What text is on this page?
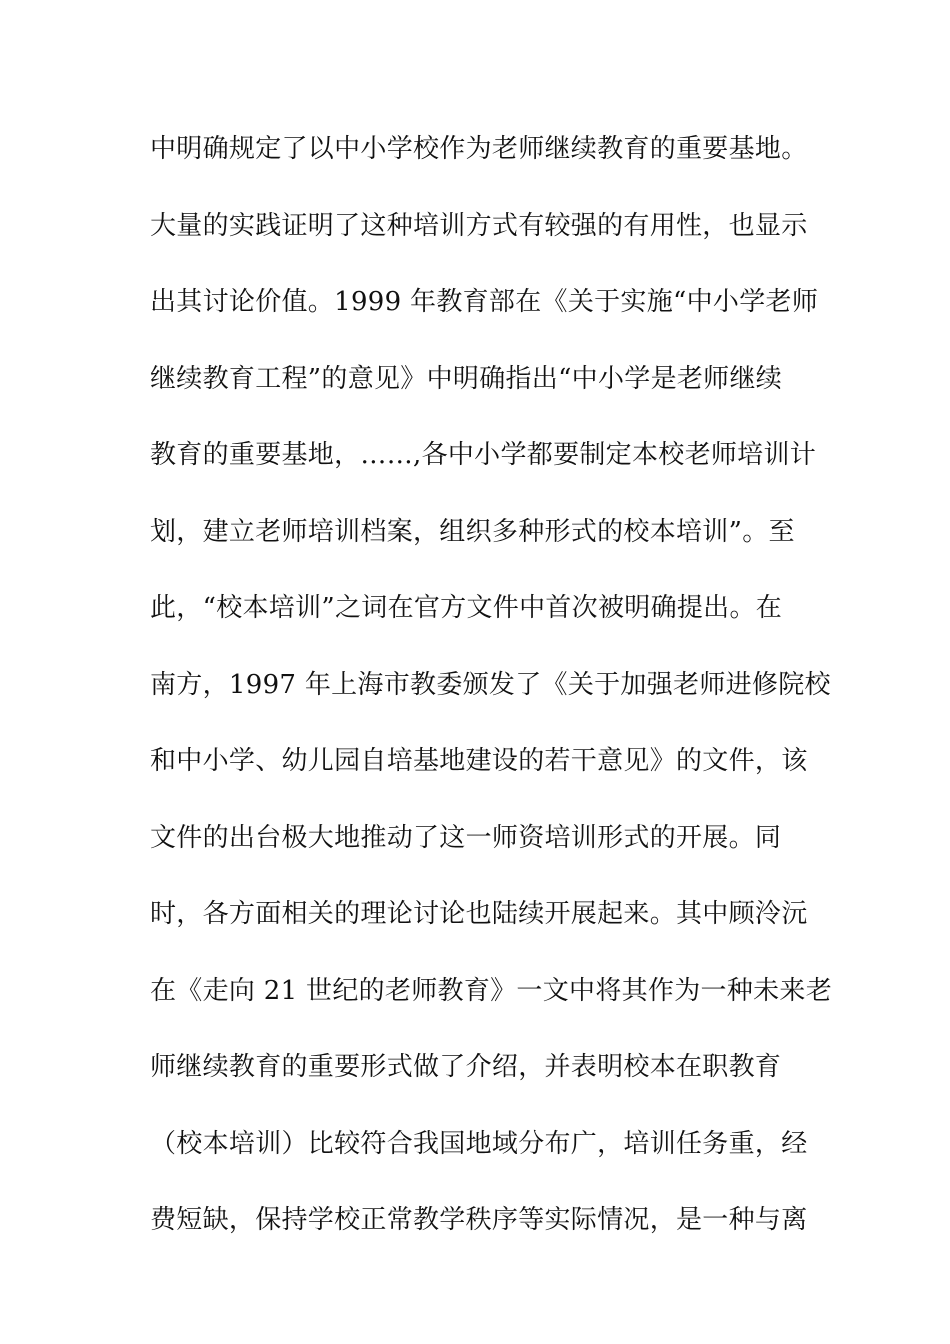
中明确规定了以中小学校作为老师继续教育的重要基地。
大量的实践证明了这种培训方式有较强的有用性，也显示
出其讨论价值。1999 年教育部在《关于实施“中小学老师
继续教育工程”的意见》中明确指出“中小学是老师继续
教育的重要基地，……,各中小学都要制定本校老师培训计
划，建立老师培训档案，组织多种形式的校本培训”。至
此，“校本培训”之词在官方文件中首次被明确提出。在
南方，1997 年上海市教委颁发了《关于加强老师进修院校
和中小学、幼儿园自培基地建设的若干意见》的文件，该
文件的出台极大地推动了这一师资培训形式的开展。同
时，各方面相关的理论讨论也陆续开展起来。其中顾泠沅
在《走向 21 世纪的老师教育》一文中将其作为一种未来老
师继续教育的重要形式做了介绍，并表明校本在职教育
（校本培训）比较符合我国地域分布广，培训任务重，经
费短缺，保持学校正常教学秩序等实际情况，是一种与离
